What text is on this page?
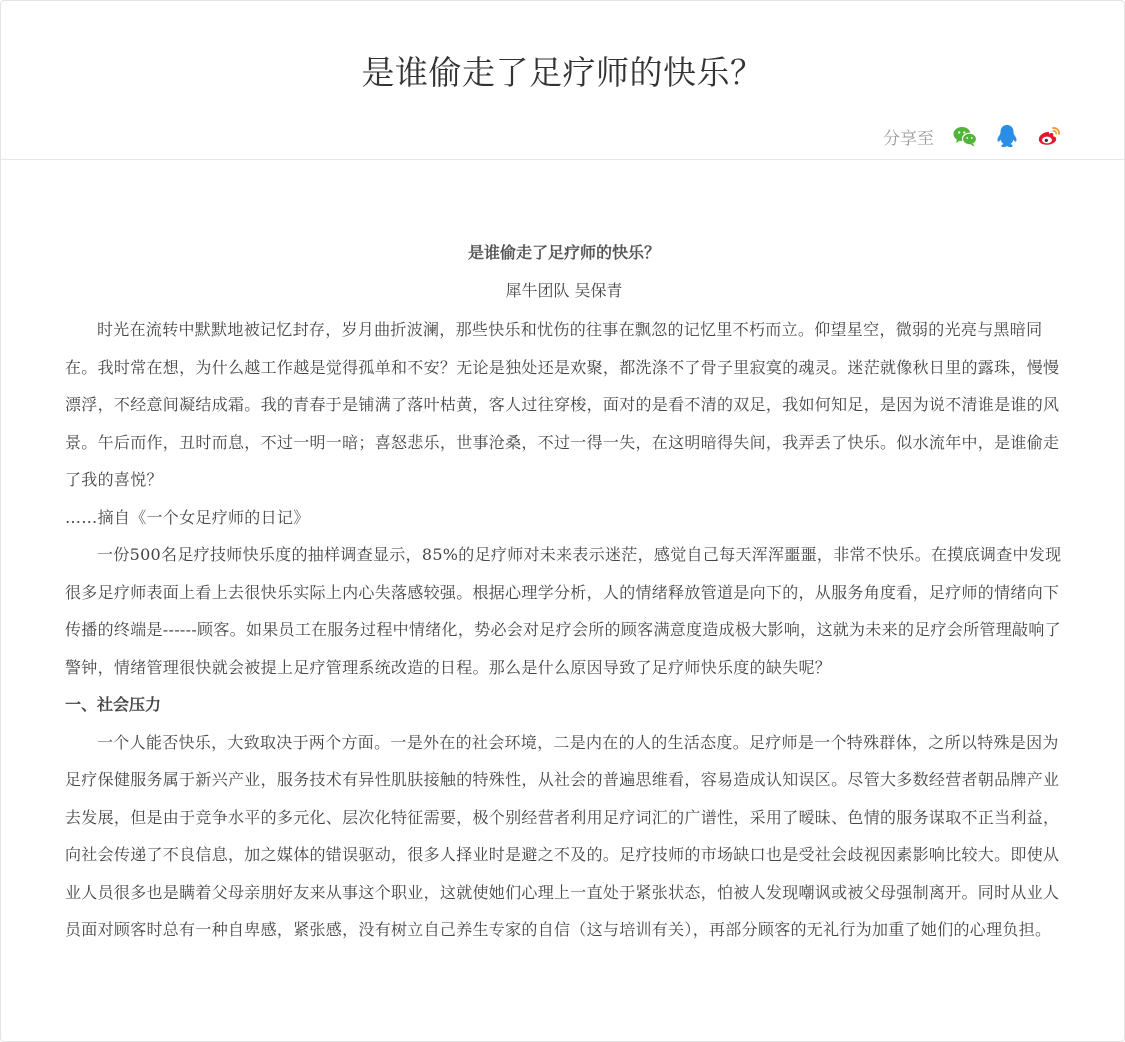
是谁偷走了足疗师的快乐？
分享至

是谁偷走了足疗师的快乐？

犀牛团队 吴保青

时光在流转中默默地被记忆封存，岁月曲折波澜，那些快乐和忧伤的往事在飘忽的记忆里不朽而立。仰望星空，微弱的光亮与黑暗同在。我时常在想，为什么越工作越是觉得孤单和不安？无论是独处还是欢聚，都洗涤不了骨子里寂寞的魂灵。迷茫就像秋日里的露珠，慢慢漂浮，不经意间凝结成霜。我的青春于是铺满了落叶枯黄，客人过往穿梭，面对的是看不清的双足，我如何知足，是因为说不清谁是谁的风景。午后而作，丑时而息，不过一明一暗；喜怒悲乐，世事沧桑，不过一得一失，在这明暗得失间，我弄丢了快乐。似水流年中，是谁偷走了我的喜悦？

……摘自《一个女足疗师的日记》

一份500名足疗技师快乐度的抽样调查显示，85%的足疗师对未来表示迷茫，感觉自己每天浑浑噩噩，非常不快乐。在摸底调查中发现很多足疗师表面上看上去很快乐实际上内心失落感较强。根据心理学分析，人的情绪释放管道是向下的，从服务角度看，足疗师的情绪向下传播的终端是------顾客。如果员工在服务过程中情绪化，势必会对足疗会所的顾客满意度造成极大影响，这就为未来的足疗会所管理敲响了警钟，情绪管理很快就会被提上足疗管理系统改造的日程。那么是什么原因导致了足疗师快乐度的缺失呢？

一、社会压力

一个人能否快乐，大致取决于两个方面。一是外在的社会环境，二是内在的人的生活态度。足疗师是一个特殊群体，之所以特殊是因为足疗保健服务属于新兴产业，服务技术有异性肌肤接触的特殊性，从社会的普遍思维看，容易造成认知误区。尽管大多数经营者朝品牌产业去发展，但是由于竞争水平的多元化、层次化特征需要，极个别经营者利用足疗词汇的广谱性，采用了暧昧、色情的服务谋取不正当利益，向社会传递了不良信息，加之媒体的错误驱动，很多人择业时是避之不及的。足疗技师的市场缺口也是受社会歧视因素影响比较大。即使从业人员很多也是瞒着父母亲朋好友来从事这个职业，这就使她们心理上一直处于紧张状态，怕被人发现嘲讽或被父母强制离开。同时从业人员面对顾客时总有一种自卑感，紧张感，没有树立自己养生专家的自信（这与培训有关），再部分顾客的无礼行为加重了她们的心理负担。
